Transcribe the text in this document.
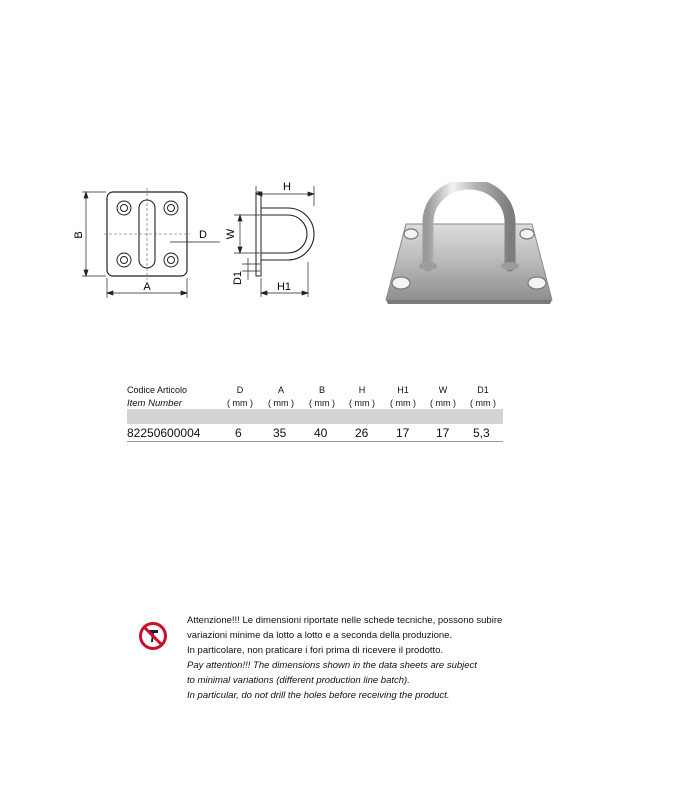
B
A
D
H
H1
W
D1
Codice Articolo
Item Number
D
( mm )
A
( mm )
B
( mm )
H
( mm )
H1
( mm )
W
( mm )
D1
( mm )
82250600004	6	35 40 26 17 17 5,3
Attenzione!!! Le dimensioni riportate nelle schede tecniche, possono subire
variazioni minime da lotto a lotto e a seconda della produzione.
In particolare, non praticare i fori prima di ricevere il prodotto.
Pay attention!!! The dimensions shown in the data sheets are subject
to minimal variations (different production line batch).
In particular, do not drill the holes before receiving the product.
